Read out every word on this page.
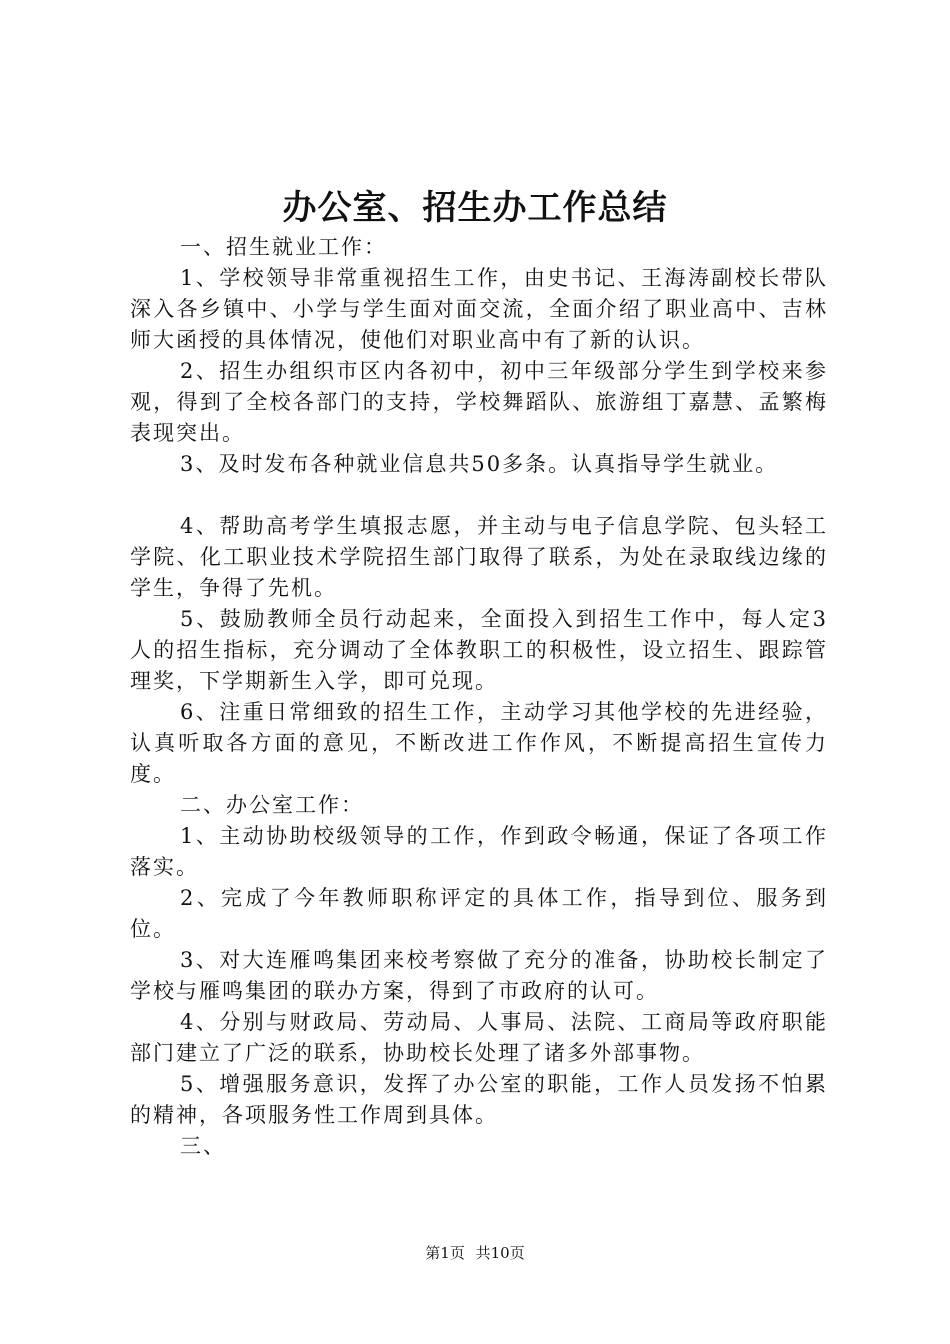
办公室、招生办工作总结

一、招生就业工作：

1、学校领导非常重视招生工作，由史书记、王海涛副校长带队深入各乡镇中、小学与学生面对面交流，全面介绍了职业高中、吉林师大函授的具体情况，使他们对职业高中有了新的认识。

2、招生办组织市区内各初中，初中三年级部分学生到学校来参观，得到了全校各部门的支持，学校舞蹈队、旅游组丁嘉慧、孟繁梅表现突出。

3、及时发布各种就业信息共50多条。认真指导学生就业。

4、帮助高考学生填报志愿，并主动与电子信息学院、包头轻工学院、化工职业技术学院招生部门取得了联系，为处在录取线边缘的学生，争得了先机。

5、鼓励教师全员行动起来，全面投入到招生工作中，每人定3人的招生指标，充分调动了全体教职工的积极性，设立招生、跟踪管理奖，下学期新生入学，即可兑现。

6、注重日常细致的招生工作，主动学习其他学校的先进经验，认真听取各方面的意见，不断改进工作作风，不断提高招生宣传力度。

二、办公室工作：

1、主动协助校级领导的工作，作到政令畅通，保证了各项工作落实。

2、完成了今年教师职称评定的具体工作，指导到位、服务到位。

3、对大连雁鸣集团来校考察做了充分的准备，协助校长制定了学校与雁鸣集团的联办方案，得到了市政府的认可。

4、分别与财政局、劳动局、人事局、法院、工商局等政府职能部门建立了广泛的联系，协助校长处理了诸多外部事物。

5、增强服务意识，发挥了办公室的职能，工作人员发扬不怕累的精神，各项服务性工作周到具体。

三、

第1页 共10页
